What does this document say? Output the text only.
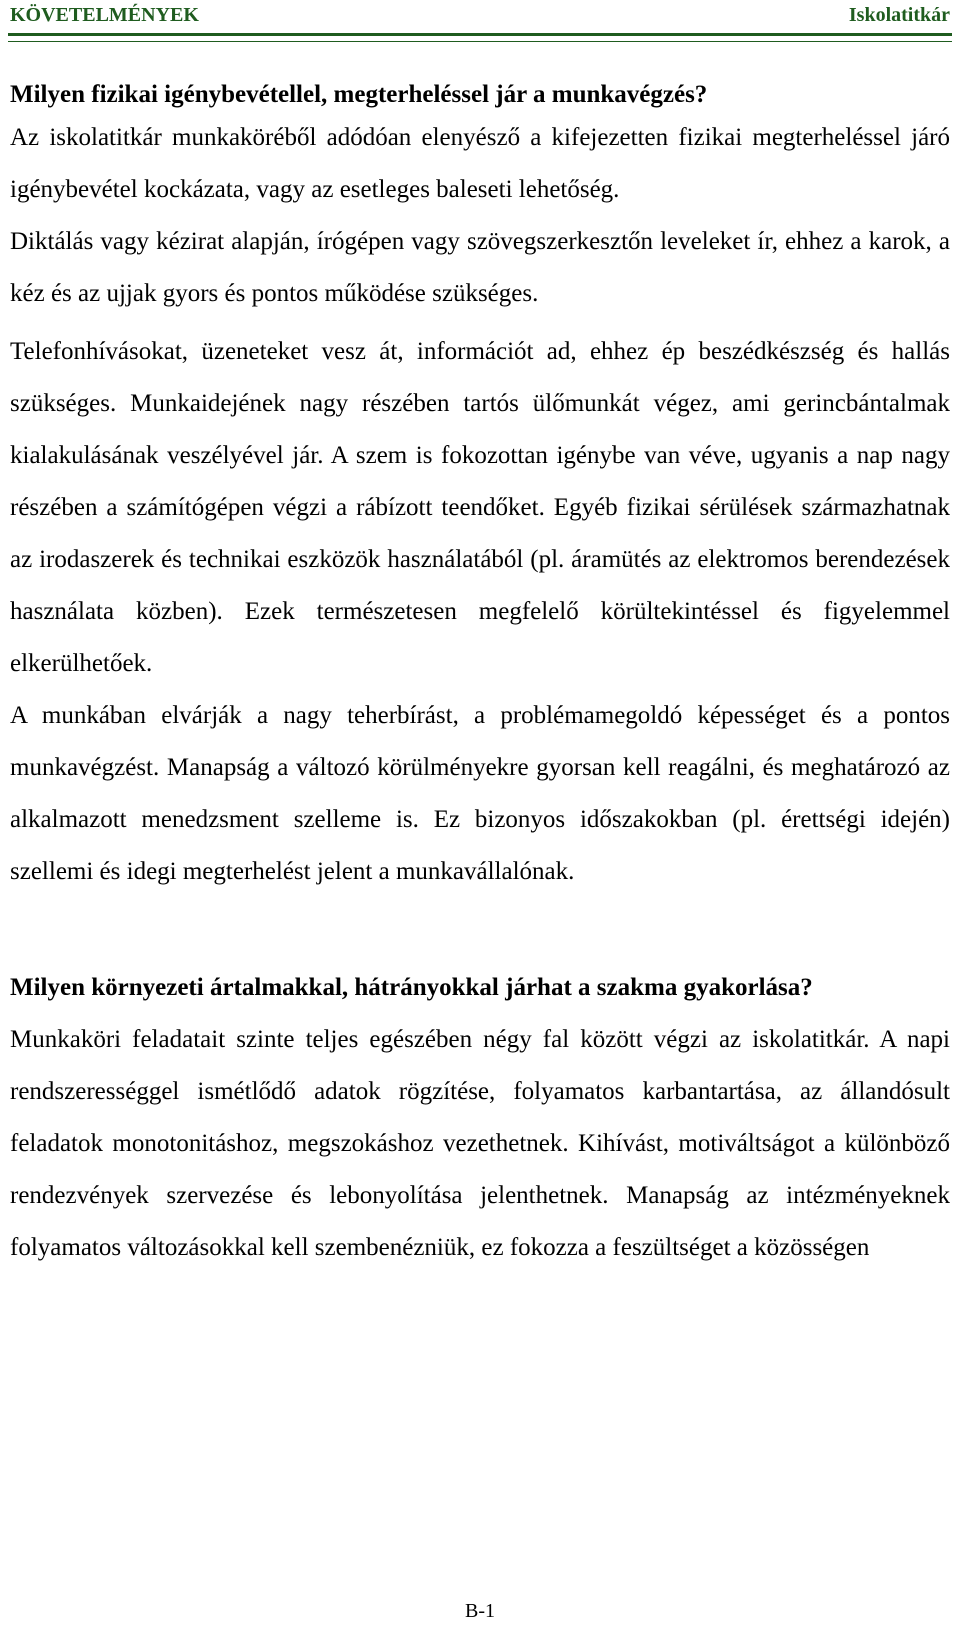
KÖVETELMÉNYEK	Iskolatitkár

Milyen fizikai igénybevétellel, megterheléssel jár a munkavégzés?

Az iskolatitkár munkaköréből adódóan elenyésző a kifejezetten fizikai megterheléssel járó igénybevétel kockázata, vagy az esetleges baleseti lehetőség.

Diktálás vagy kézirat alapján, írógépen vagy szövegszerkesztőn leveleket ír, ehhez a karok, a kéz és az ujjak gyors és pontos működése szükséges.

Telefonhívásokat, üzeneteket vesz át, információt ad, ehhez ép beszédkészség és hallás szükséges. Munkaidejének nagy részében tartós ülőmunkát végez, ami gerincbántalmak kialakulásának veszélyével jár. A szem is fokozottan igénybe van véve, ugyanis a nap nagy részében a számítógépen végzi a rábízott teendőket. Egyéb fizikai sérülések származhatnak az irodaszerek és technikai eszközök használatából (pl. áramütés az elektromos berendezések használata közben). Ezek természetesen megfelelő körültekintéssel és figyelemmel elkerülhetőek.

A munkában elvárják a nagy teherbírást, a problémamegoldó képességet és a pontos munkavégzést. Manapság a változó körülményekre gyorsan kell reagálni, és meghatározó az alkalmazott menedzsment szelleme is. Ez bizonyos időszakokban (pl. érettségi idején) szellemi és idegi megterhelést jelent a munkavállalónak.

Milyen környezeti ártalmakkal, hátrányokkal járhat a szakma gyakorlása?

Munkaköri feladatait szinte teljes egészében négy fal között végzi az iskolatitkár. A napi rendszerességgel ismétlődő adatok rögzítése, folyamatos karbantartása, az állandósult feladatok monotonitáshoz, megszokáshoz vezethetnek. Kihívást, motiváltságot a különböző rendezvények szervezése és lebonyolítása jelenthetnek. Manapság az intézményeknek folyamatos változásokkal kell szembenézniük, ez fokozza a feszültséget a közösségen

B-1
